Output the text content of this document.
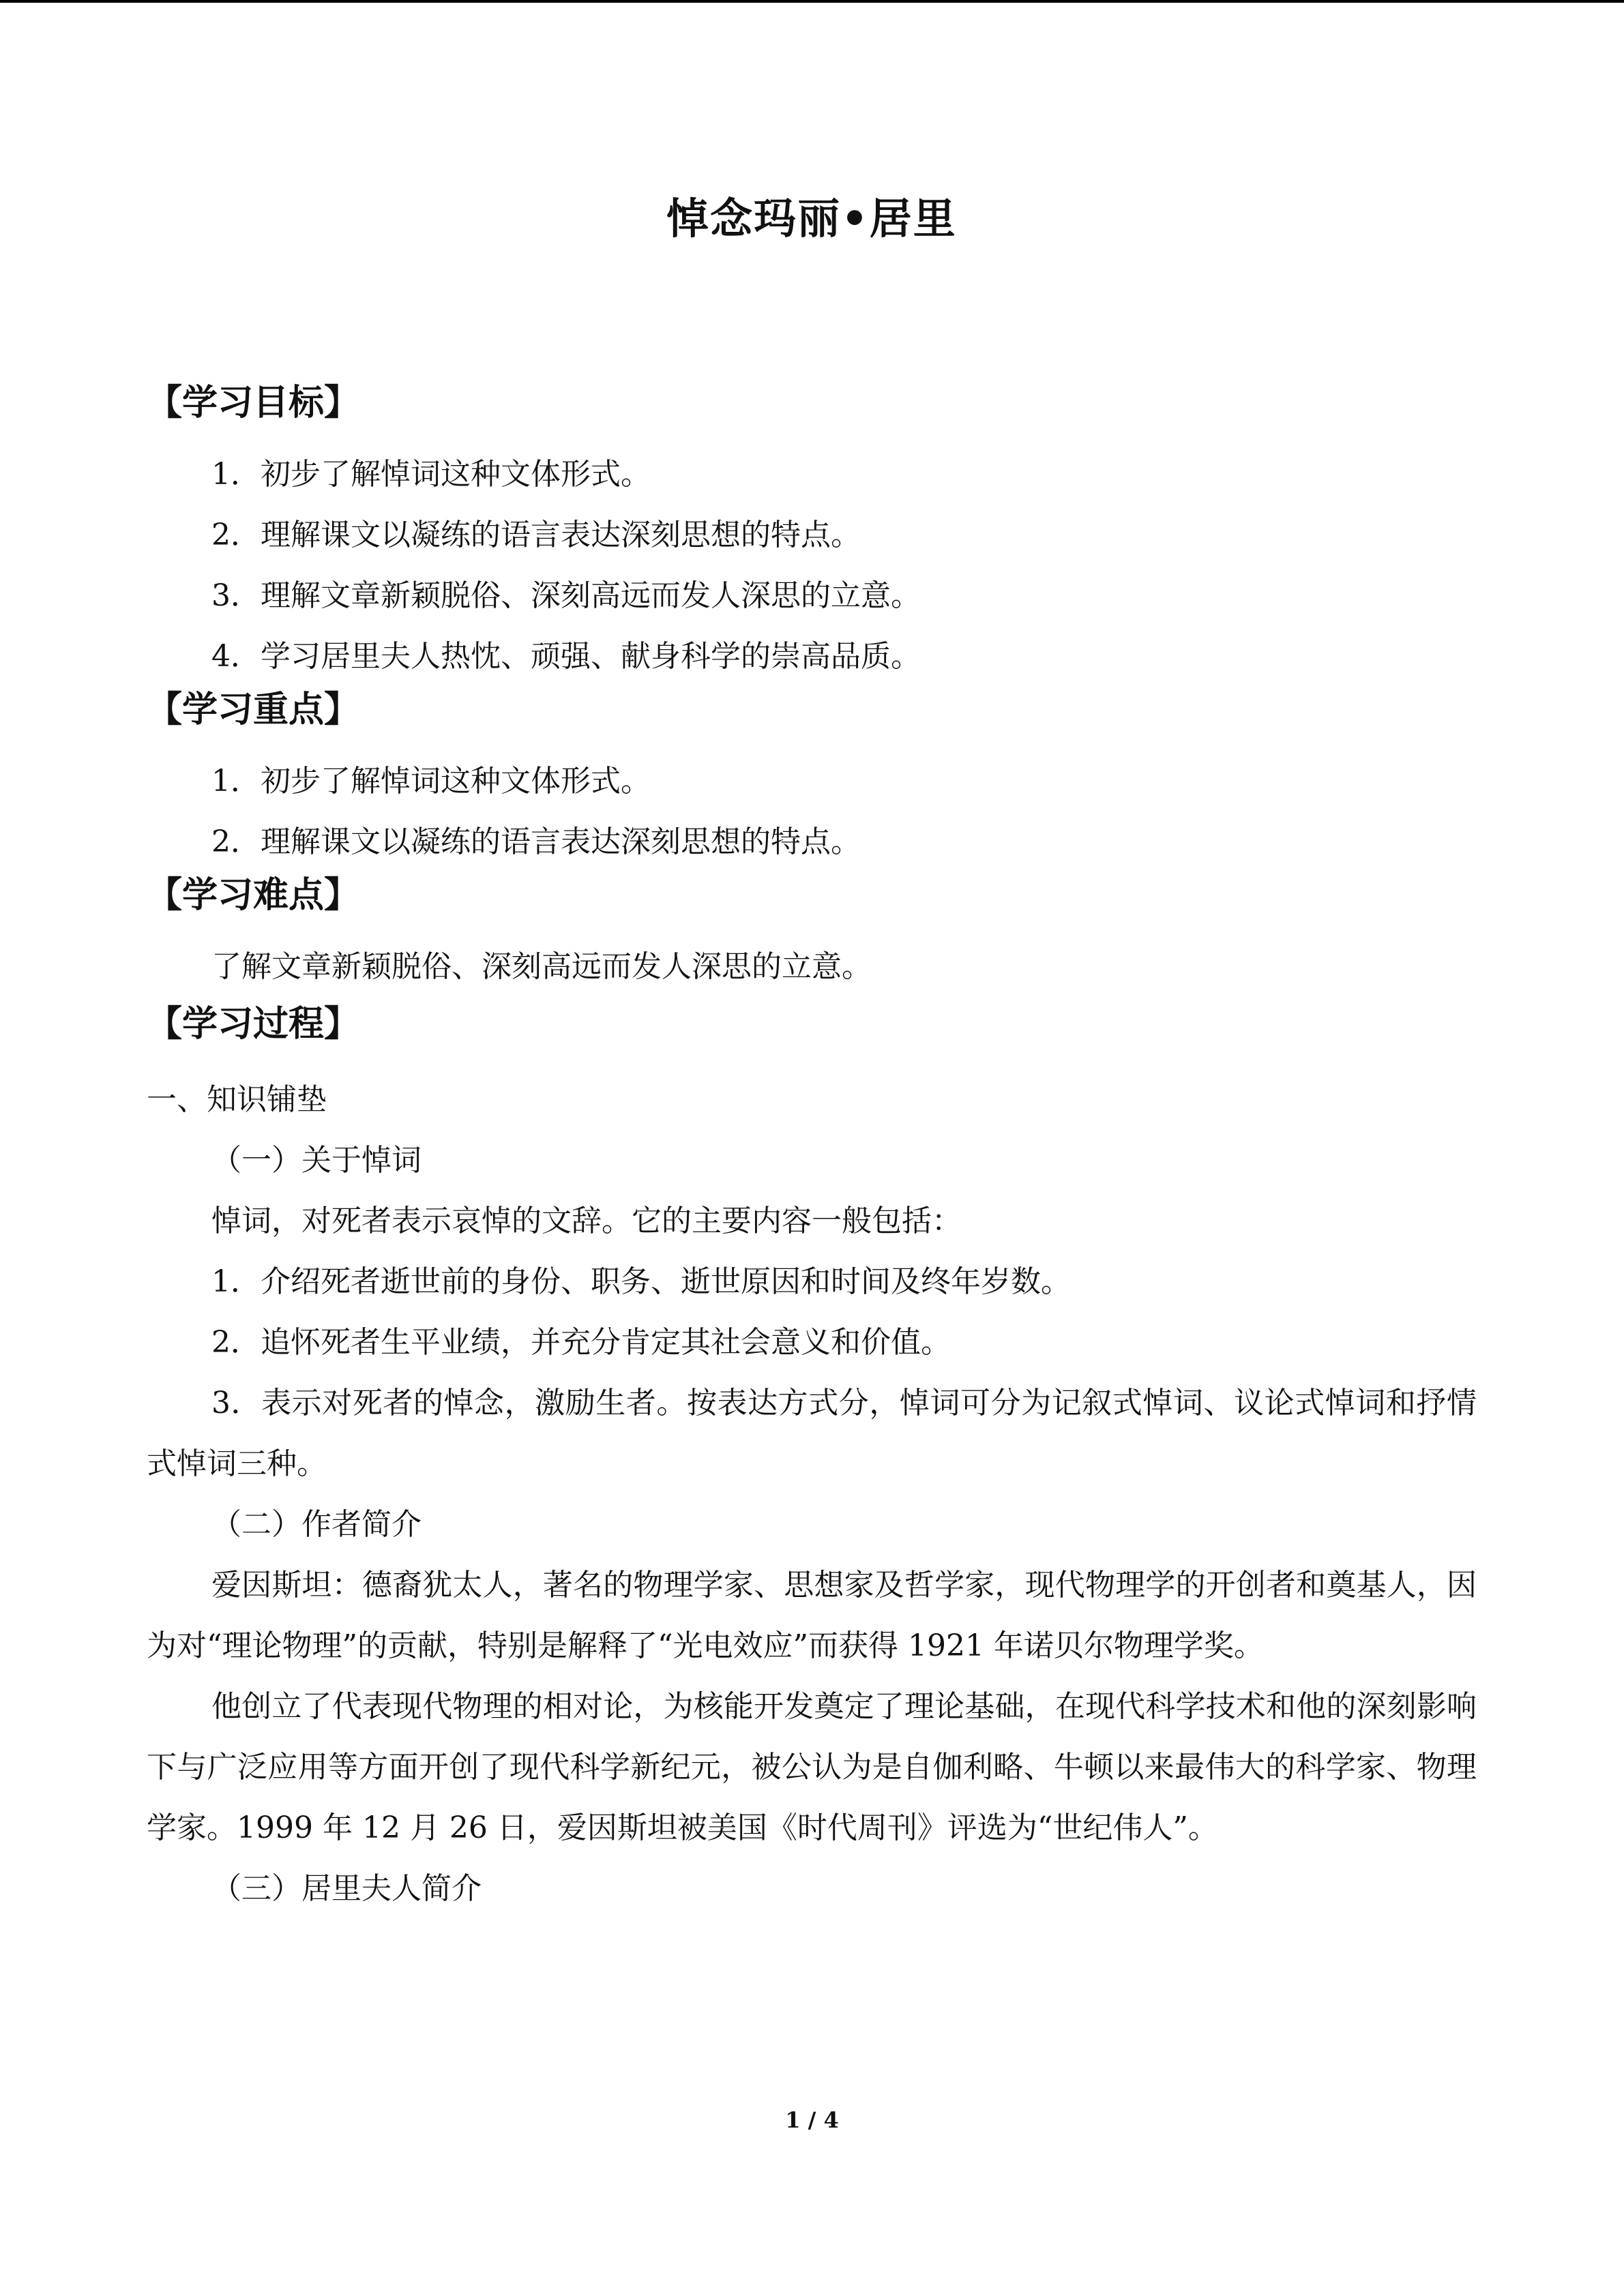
悼念玛丽•居里
【学习目标】
1．初步了解悼词这种文体形式。
2．理解课文以凝练的语言表达深刻思想的特点。
3．理解文章新颖脱俗、深刻高远而发人深思的立意。
4．学习居里夫人热忱、顽强、献身科学的崇高品质。
【学习重点】
1．初步了解悼词这种文体形式。
2．理解课文以凝练的语言表达深刻思想的特点。
【学习难点】
了解文章新颖脱俗、深刻高远而发人深思的立意。
【学习过程】
一、知识铺垫
（一）关于悼词
悼词，对死者表示哀悼的文辞。它的主要内容一般包括：
1．介绍死者逝世前的身份、职务、逝世原因和时间及终年岁数。
2．追怀死者生平业绩，并充分肯定其社会意义和价值。

3．表示对死者的悼念，激励生者。按表达方式分，悼词可分为记叙式悼词、议论式悼词和抒情式悼词三种。

（二）作者简介

爱因斯坦：德裔犹太人，著名的物理学家、思想家及哲学家，现代物理学的开创者和奠基人，因为对“理论物理”的贡献，特别是解释了“光电效应”而获得 1921 年诺贝尔物理学奖。

他创立了代表现代物理的相对论，为核能开发奠定了理论基础，在现代科学技术和他的深刻影响下与广泛应用等方面开创了现代科学新纪元，被公认为是自伽利略、牛顿以来最伟大的科学家、物理学家。1999 年 12 月 26 日，爱因斯坦被美国《时代周刊》评选为“世纪伟人”。

（三）居里夫人简介
1 / 4
